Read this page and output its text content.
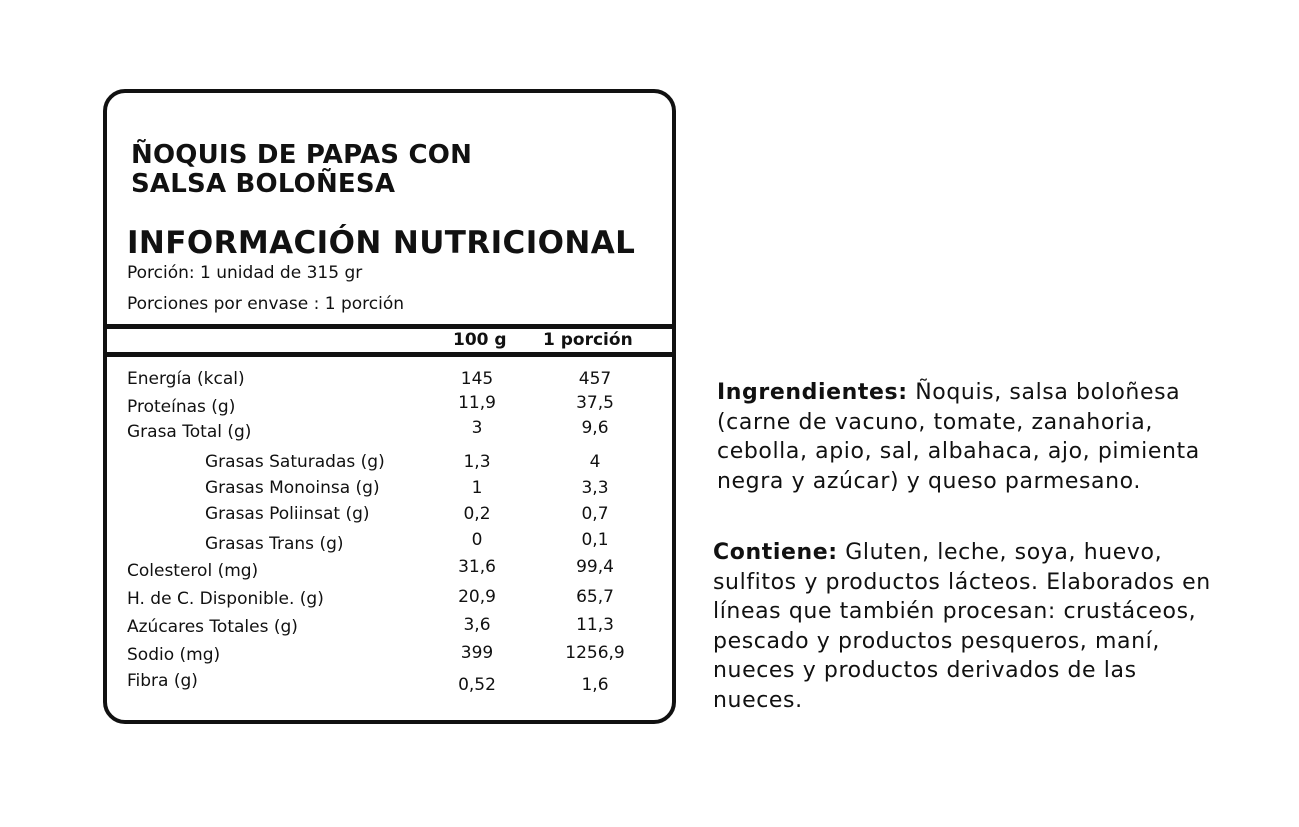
ÑOQUIS DE PAPAS CON
SALSA BOLOÑESA
INFORMACIÓN NUTRICIONAL
Porción: 1 unidad de 315 gr
Porciones por envase : 1 porción
100 g 1 porción
Energía (kcal)	145	457
Proteínas (g)	11,9	37,5
Grasa Total (g)	3	9,6
Grasas Saturadas (g)	1,3	4
Grasas Monoinsa (g)	1	3,3
Grasas Poliinsat (g)	0,2	0,7
Grasas Trans (g)	0	0,1
Colesterol (mg)	31,6	99,4
H. de C. Disponible. (g)	20,9	65,7
Azúcares Totales (g)	3,6	11,3
Sodio (mg)	399	1256,9
Fibra (g)	0,52	1,6
Ingrendientes: Ñoquis, salsa boloñesa (carne de vacuno, tomate, zanahoria, cebolla, apio, sal, albahaca, ajo, pimienta negra y azúcar) y queso parmesano.
Contiene: Gluten, leche, soya, huevo, sulfitos y productos lácteos. Elaborados en líneas que también procesan: crustáceos, pescado y productos pesqueros, maní, nueces y productos derivados de las nueces.
